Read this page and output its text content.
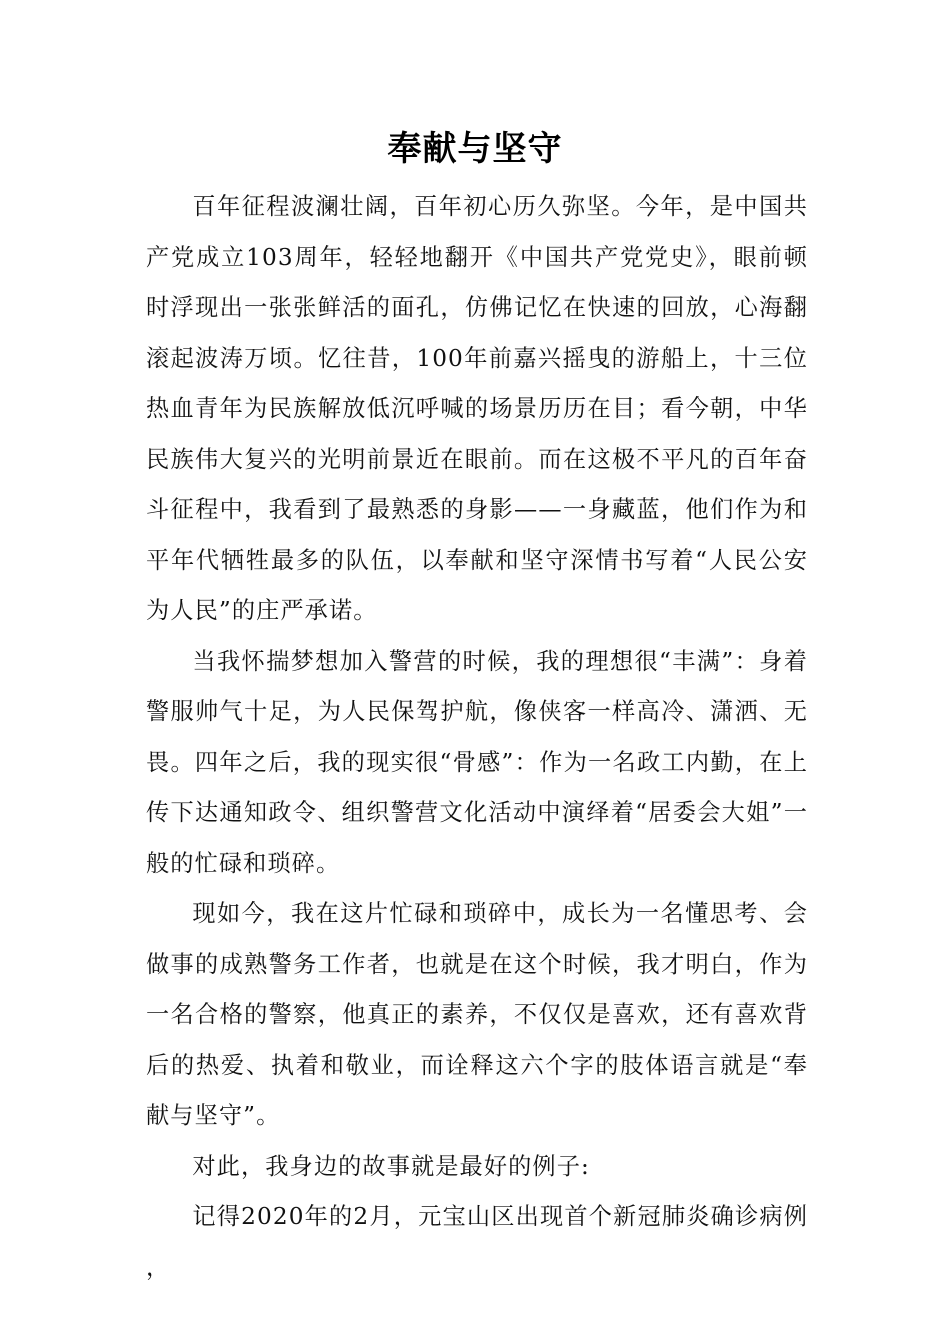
奉献与坚守

百年征程波澜壮阔，百年初心历久弥坚。今年，是中国共产党成立103周年，轻轻地翻开《中国共产党党史》，眼前顿时浮现出一张张鲜活的面孔，仿佛记忆在快速的回放，心海翻滚起波涛万顷。忆往昔，100年前嘉兴摇曳的游船上，十三位热血青年为民族解放低沉呼喊的场景历历在目；看今朝，中华民族伟大复兴的光明前景近在眼前。而在这极不平凡的百年奋斗征程中，我看到了最熟悉的身影——一身藏蓝，他们作为和平年代牺牲最多的队伍，以奉献和坚守深情书写着“人民公安为人民”的庄严承诺。

当我怀揣梦想加入警营的时候，我的理想很“丰满”：身着警服帅气十足，为人民保驾护航，像侠客一样高冷、潇洒、无畏。四年之后，我的现实很“骨感”：作为一名政工内勤，在上传下达通知政令、组织警营文化活动中演绎着“居委会大姐”一般的忙碌和琐碎。

现如今，我在这片忙碌和琐碎中，成长为一名懂思考、会做事的成熟警务工作者，也就是在这个时候，我才明白，作为一名合格的警察，他真正的素养，不仅仅是喜欢，还有喜欢背后的热爱、执着和敬业，而诠释这六个字的肢体语言就是“奉献与坚守”。

对此，我身边的故事就是最好的例子:

记得2020年的2月，元宝山区出现首个新冠肺炎确诊病例，
